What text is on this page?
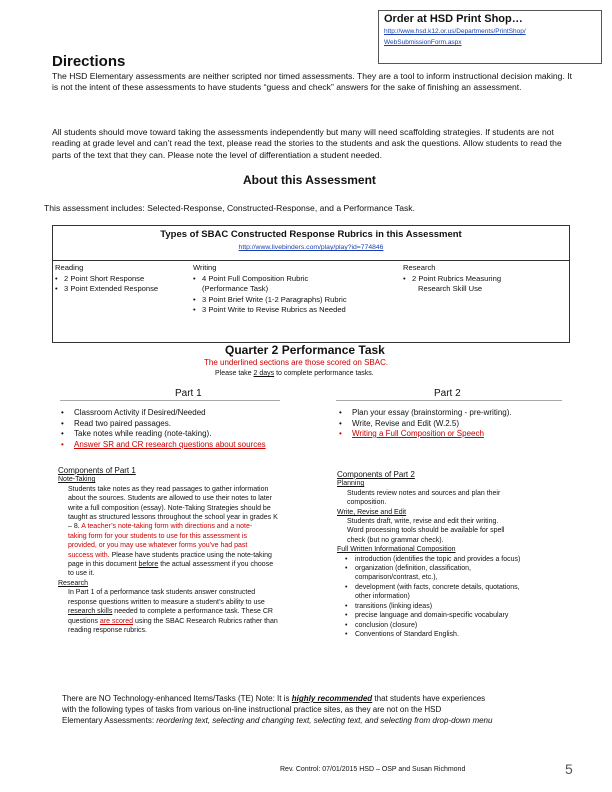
Order at HSD Print Shop…
http://www.hsd.k12.or.us/Departments/PrintShop/
WebSubmissionForm.aspx
Directions
The HSD Elementary assessments are neither scripted nor timed assessments. They are a tool to inform instructional decision making. It is not the intent of these assessments to have students “guess and check” answers for the sake of finishing an assessment.
All students should move toward taking the assessments independently but many will need scaffolding strategies. If students are not reading at grade level and can’t read the text, please read the stories to the students and ask the questions. Allow students to read the parts of the text that they can. Please note the level of differentiation a student needed.
About this Assessment
This assessment includes: Selected-Response, Constructed-Response, and a Performance Task.
Types of SBAC Constructed Response Rubrics in this Assessment
http://www.livebinders.com/play/play?id=774846
Reading
• 2 Point Short Response
• 3 Point Extended Response
Writing
• 4 Point Full Composition Rubric
(Performance Task)
• 3 Point Brief Write (1-2 Paragraphs) Rubric
• 3 Point Write to Revise Rubrics as Needed
Research
• 2 Point Rubrics Measuring
Research Skill Use
Quarter 2 Performance Task
The underlined sections are those scored on SBAC.
Please take 2 days to complete performance tasks.
Part 1
• Classroom Activity if Desired/Needed
• Read two paired passages.
• Take notes while reading (note-taking).
• Answer SR and CR research questions about sources
Components of Part 1
Note-Taking
Students take notes as they read passages to gather information
about the sources. Students are allowed to use their notes to later
write a full composition (essay). Note-Taking Strategies should be
taught as structured lessons throughout the school year in grades K
– 8. A teacher’s note-taking form with directions and a note-
taking form for your students to use for this assessment is
provided, or you may use whatever forms you’ve had past
success with. Please have students practice using the note-taking
page in this document before the actual assessment if you choose
to use it.
Research
In Part 1 of a performance task students answer constructed
response questions written to measure a student’s ability to use
research skills needed to complete a performance task. These CR
questions are scored using the SBAC Research Rubrics rather than
reading response rubrics.
Part 2
• Plan your essay (brainstorming - pre-writing).
• Write, Revise and Edit (W.2.5)
• Writing a Full Composition or Speech
Components of Part 2
Planning
Students review notes and sources and plan their
composition.
Write, Revise and Edit
Students draft, write, revise and edit their writing.
Word processing tools should be available for spell
check (but no grammar check).
Full Written Informational Composition
• introduction (identifies the topic and provides a focus)
• organization (definition, classification,
comparison/contrast, etc.),
• development (with facts, concrete details, quotations,
other information)
• transitions (linking ideas)
• precise language and domain-specific vocabulary
• conclusion (closure)
• Conventions of Standard English.
There are NO Technology-enhanced Items/Tasks (TE) Note: It is highly recommended that students have experiences
with the following types of tasks from various on-line instructional practice sites, as they are not on the HSD
Elementary Assessments: reordering text, selecting and changing text, selecting text, and selecting from drop-down menu
Rev. Control: 07/01/2015 HSD – OSP and Susan Richmond	5
